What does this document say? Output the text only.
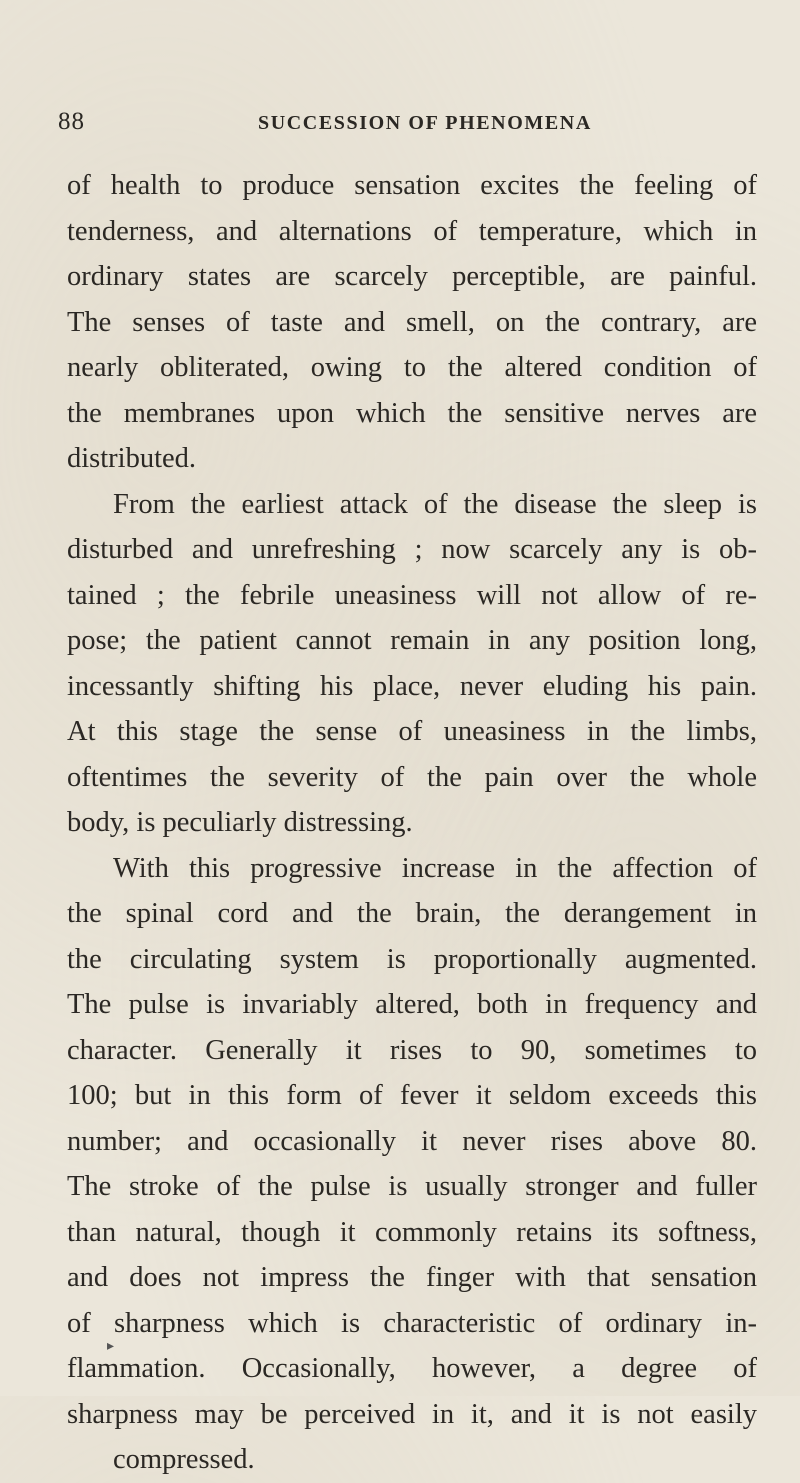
88	SUCCESSION OF PHENOMENA

of health to produce sensation excites the feeling of

tenderness, and alternations of temperature, which in

ordinary states are scarcely perceptible, are painful.

The senses of taste and smell, on the contrary, are

nearly obliterated, owing to the altered condition of

the membranes upon which the sensitive nerves are

distributed.

From the earliest attack of the disease the sleep is

disturbed and unrefreshing ; now scarcely any is ob-

tained ; the febrile uneasiness will not allow of re-

pose; the patient cannot remain in any position long,

incessantly shifting his place, never eluding his pain.

At this stage the sense of uneasiness in the limbs,

oftentimes the severity of the pain over the whole

body, is peculiarly distressing.

With this progressive increase in the affection of

the spinal cord and the brain, the derangement in

the circulating system is proportionally augmented.

The pulse is invariably altered, both in frequency and

character. Generally it rises to 90, sometimes to

100; but in this form of fever it seldom exceeds this

number; and occasionally it never rises above 80.

The stroke of the pulse is usually stronger and fuller

than natural, though it commonly retains its softness,

and does not impress the finger with that sensation

of sharpness which is characteristic of ordinary in-

flammation. Occasionally, however, a degree of

sharpness may be perceived in it, and it is not easily

compressed.

▸
